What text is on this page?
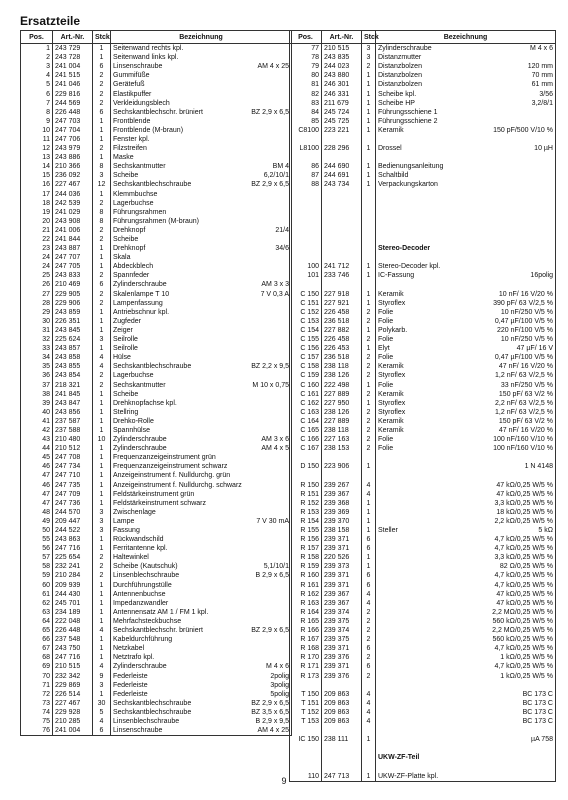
Ersatzteile
Pos.	Art.-Nr.	Stck	Bezeichnung
1	243 729	1	Seitenwand rechts kpl.

2	243 728	1	Seitenwand links kpl.

3	241 004	6	Linsenschraube AM 4 x 25

4	241 515	2	Gummifüße

5	241 046	2	Gerätefuß

6	229 816	2	Elastikpuffer

7	244 569	2	Verkleidungsblech

8	226 448	6	Sechskantblechschr. brüniert BZ 2,9 x 6,5

9	247 703	1	Frontblende

10	247 704	1	Frontblende (M-braun)

11	247 706	1	Fenster kpl.

12	243 979	2	Filzstreifen

13	243 886	1	Maske

14	210 366	8	Sechskantmutter BM 4

15	236 092	3	Scheibe 6,2/10/1

16	227 467	12	Sechskantblechschraube BZ 2,9 x 6,5

17	244 036	1	Klemmbuchse

18	242 539	2	Lagerbuchse

19	241 029	8	Führungsrahmen

20	243 908	8	Führungsrahmen (M-braun)

21	241 006	2	Drehknopf 21/4

22	241 844	2	Scheibe

23	243 887	1	Drehknopf 34/6

24	247 707	1	Skala

24	247 705	1	Abdeckblech

25	243 833	2	Spannfeder

26	210 469	6	Zylinderschraube AM 3 x 3

27	229 905	2	Skalenlampe T 10 7 V 0,3 A

28	229 906	2	Lampenfassung

29	243 859	1	Antriebschnur kpl.

30	226 351	1	Zugfeder

31	243 845	1	Zeiger

32	225 624	3	Seilrolle

33	243 857	1	Seilrolle

34	243 858	4	Hülse

35	243 855	4	Sechskantblechschraube BZ 2,2 x 9,5

36	243 854	2	Lagerbuchse

37	218 321	2	Sechskantmutter M 10 x 0,75

38	241 845	1	Scheibe

39	243 847	1	Drehknopfachse kpl.

40	243 856	1	Stellring

41	237 587	1	Drehko-Rolle

42	237 588	1	Spannhülse

43	210 480	10	Zylinderschraube AM 3 x 6

44	210 512	1	Zylinderschraube AM 4 x 5

45	247 708	1	Frequenzanzeigeinstrument grün

46	247 734	1	Frequenzanzeigeinstrument schwarz

47	247 710	1	Anzeigeinstrument f. Nulldurchg. grün

46	247 735	1	Anzeigeinstrument f. Nulldurchg. schwarz

47	247 709	1	Feldstärkeinstrument grün

47	247 736	1	Feldstärkeinstrument schwarz

48	244 570	3	Zwischenlage

49	209 447	3	Lampe 7 V 30 mA

50	244 522	3	Fassung

55	243 863	1	Rückwandschild

56	247 716	1	Ferritantenne kpl.

57	225 654	2	Haltewinkel

58	232 241	2	Scheibe (Kautschuk) 5,1/10/1

59	210 284	2	Linsenblechschraube B 2,9 x 6,5

60	209 939	1	Durchführungstülle

61	244 430	1	Antennenbuchse

62	245 701	1	Impedanzwandler

63	234 189	1	Antennensatz AM 1 / FM 1 kpl.

64	222 048	1	Mehrfachsteckbuchse

65	226 448	4	Sechskantblechschr. brüniert BZ 2,9 x 6,5

66	237 548	1	Kabeldurchführung

67	243 750	1	Netzkabel

68	247 716	1	Netztrafo kpl.

69	210 515	4	Zylinderschraube M 4 x 6

70	232 342	9	Federleiste 2polig

71	229 869	3	Federleiste 3polig

72	226 514	1	Federleiste 5polig

73	227 467	30	Sechskantblechschraube BZ 2,9 x 6,5

74	229 928	5	Sechskantblechschraube BZ 3,5 x 6,5

75	210 285	4	Linsenblechschraube B 2,9 x 9,5

76	241 004	6	Linsenschraube AM 4 x 25
Pos.	Art.-Nr.	Stck	Bezeichnung
77	210 515	3	Zylinderschraube M 4 x 6

78	243 835	3	Distanzmutter

79	244 023	2	Distanzbolzen 120 mm

80	243 880	1	Distanzbolzen 70 mm

81	246 301	1	Distanzbolzen 61 mm

82	246 331	1	Scheibe kpl. 3/56

83	211 679	1	Scheibe HP 3,2/8/1

84	245 724	1	Führungsschiene 1

85	245 725	1	Führungsschiene 2

C8100	223 221	1	Keramik 150 pF/500 V/10 %

L8100	228 296	1	Drossel 10 µH

86	244 690	1	Bedienungsanleitung

87	244 691	1	Schaltbild

88	243 734	1	Verpackungskarton

			Stereo-Decoder

100	241 712	1	Stereo-Decoder kpl.

101	233 746	1	IC-Fassung 16polig

C 150	227 918	1	Keramik 10 nF/ 16 V/20 %

C 151	227 921	1	Styroflex 390 pF/ 63 V/2,5 %

C 152	226 458	2	Folie 10 nF/250 V/5 %

C 153	236 518	2	Folie 0,47 µF/100 V/5 %

C 154	227 882	1	Polykarb. 220 nF/100 V/5 %

C 155	226 458	2	Folie 10 nF/250 V/5 %

C 156	226 453	1	Elyt 47 µF/ 16 V

C 157	236 518	2	Folie 0,47 µF/100 V/5 %

C 158	238 118	2	Keramik 47 nF/ 16 V/20 %

C 159	238 126	2	Styroflex 1,2 nF/ 63 V/2,5 %

C 160	222 498	1	Folie 33 nF/250 V/5 %

C 161	227 889	2	Keramik 150 pF/ 63 V/2 %

C 162	227 950	1	Styroflex 2,2 nF/ 63 V/2,5 %

C 163	238 126	2	Styroflex 1,2 nF/ 63 V/2,5 %

C 164	227 889	2	Keramik 150 pF/ 63 V/2 %

C 165	238 118	2	Keramik 47 nF/ 16 V/20 %

C 166	227 163	2	Folie 100 nF/160 V/10 %

C 167	238 153	2	Folie 100 nF/160 V/10 %

D 150	223 906	1	1 N 4148

R 150	239 267	4	47 kΩ/0,25 W/5 %

R 151	239 367	4	47 kΩ/0,25 W/5 %

R 152	239 368	1	3,3 kΩ/0,25 W/5 %

R 153	239 369	1	18 kΩ/0,25 W/5 %

R 154	239 370	1	2,2 kΩ/0,25 W/5 %

R 155	238 158	1	Steller 5 kΩ

R 156	239 371	6	4,7 kΩ/0,25 W/5 %

R 157	239 371	6	4,7 kΩ/0,25 W/5 %

R 158	220 526	1	3,3 kΩ/0,25 W/5 %

R 159	239 373	1	82 Ω/0,25 W/5 %

R 160	239 371	6	4,7 kΩ/0,25 W/5 %

R 161	239 371	6	4,7 kΩ/0,25 W/5 %

R 162	239 367	4	47 kΩ/0,25 W/5 %

R 163	239 367	4	47 kΩ/0,25 W/5 %

R 164	239 374	2	2,2 MΩ/0,25 W/5 %

R 165	239 375	2	560 kΩ/0,25 W/5 %

R 166	239 374	2	2,2 MΩ/0,25 W/5 %

R 167	239 375	2	560 kΩ/0,25 W/5 %

R 168	239 371	6	4,7 kΩ/0,25 W/5 %

R 170	239 376	2	1 kΩ/0,25 W/5 %

R 171	239 371	6	4,7 kΩ/0,25 W/5 %

R 173	239 376	2	1 kΩ/0,25 W/5 %

T 150	209 863	4	BC 173 C

T 151	209 863	4	BC 173 C

T 152	209 863	4	BC 173 C

T 153	209 863	4	BC 173 C

IC 150	238 111	1	µA 758

			UKW-ZF-Teil

110	247 713	1	UKW-ZF-Platte kpl.
9
